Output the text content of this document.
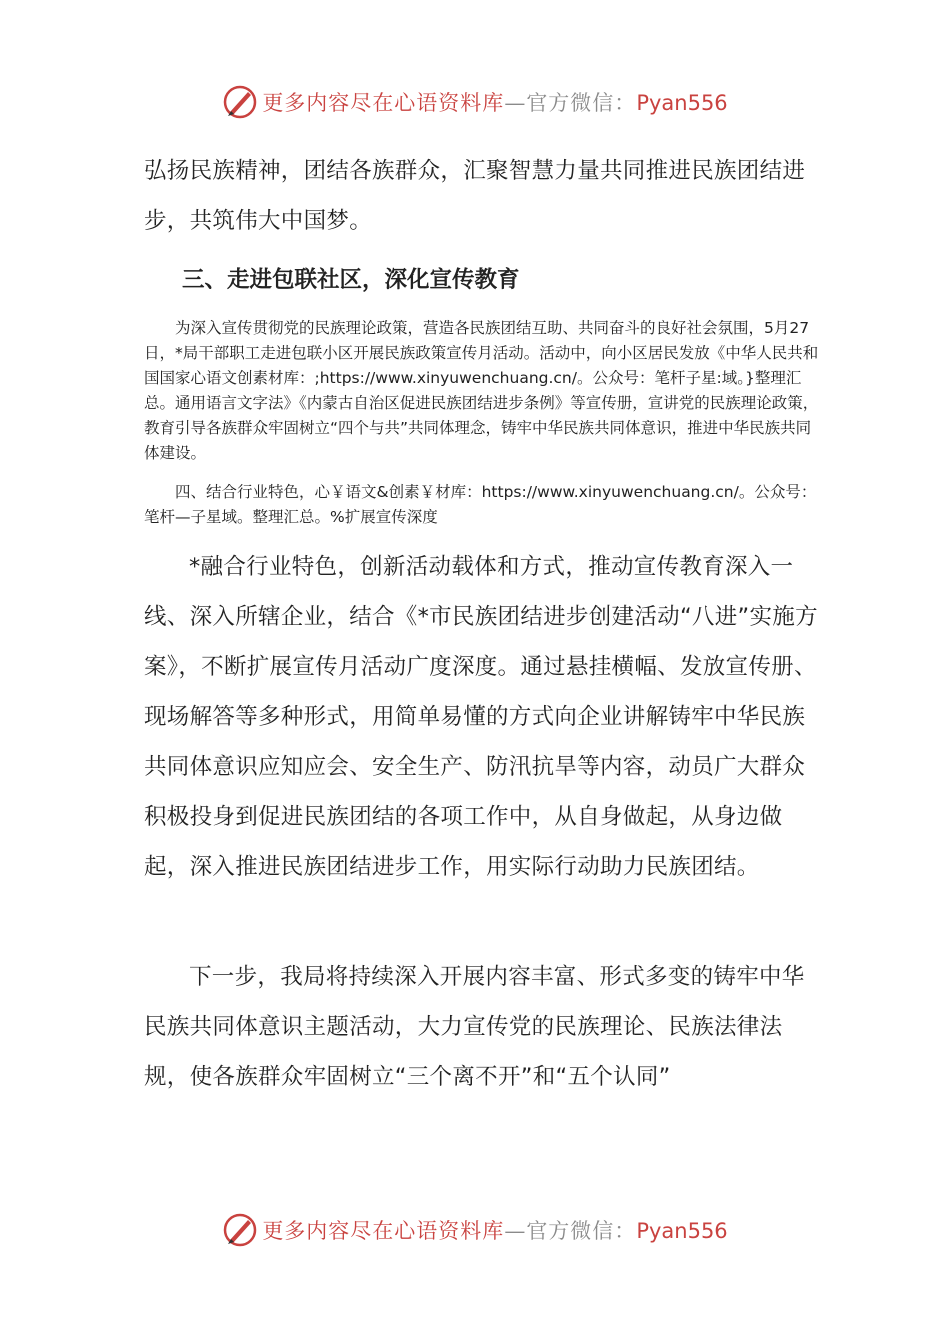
更多内容尽在心语资料库—官方微信：Pyan556

弘扬民族精神，团结各族群众，汇聚智慧力量共同推进民族团结进步，共筑伟大中国梦。

三、走进包联社区，深化宣传教育

为深入宣传贯彻党的民族理论政策，营造各民族团结互助、共同奋斗的良好社会氛围，5月27日，*局干部职工走进包联小区开展民族政策宣传月活动。活动中，向小区居民发放《中华人民共和国国家心语文创素材库：;https://www.xinyuwenchuang.cn/。公众号：笔杆子星:域。}整理汇总。通用语言文字法》《内蒙古自治区促进民族团结进步条例》等宣传册，宣讲党的民族理论政策，教育引导各族群众牢固树立“四个与共”共同体理念，铸牢中华民族共同体意识，推进中华民族共同体建设。

四、结合行业特色，心￥语文&创素￥材库：https://www.xinyuwenchuang.cn/。公众号：笔杆—子星域。整理汇总。%扩展宣传深度

*融合行业特色，创新活动载体和方式，推动宣传教育深入一线、深入所辖企业，结合《*市民族团结进步创建活动“八进”实施方案》，不断扩展宣传月活动广度深度。通过悬挂横幅、发放宣传册、现场解答等多种形式，用简单易懂的方式向企业讲解铸牢中华民族共同体意识应知应会、安全生产、防汛抗旱等内容，动员广大群众积极投身到促进民族团结的各项工作中，从自身做起，从身边做起，深入推进民族团结进步工作，用实际行动助力民族团结。

下一步，我局将持续深入开展内容丰富、形式多变的铸牢中华民族共同体意识主题活动，大力宣传党的民族理论、民族法律法规，使各族群众牢固树立“三个离不开”和“五个认同”

更多内容尽在心语资料库—官方微信：Pyan556
